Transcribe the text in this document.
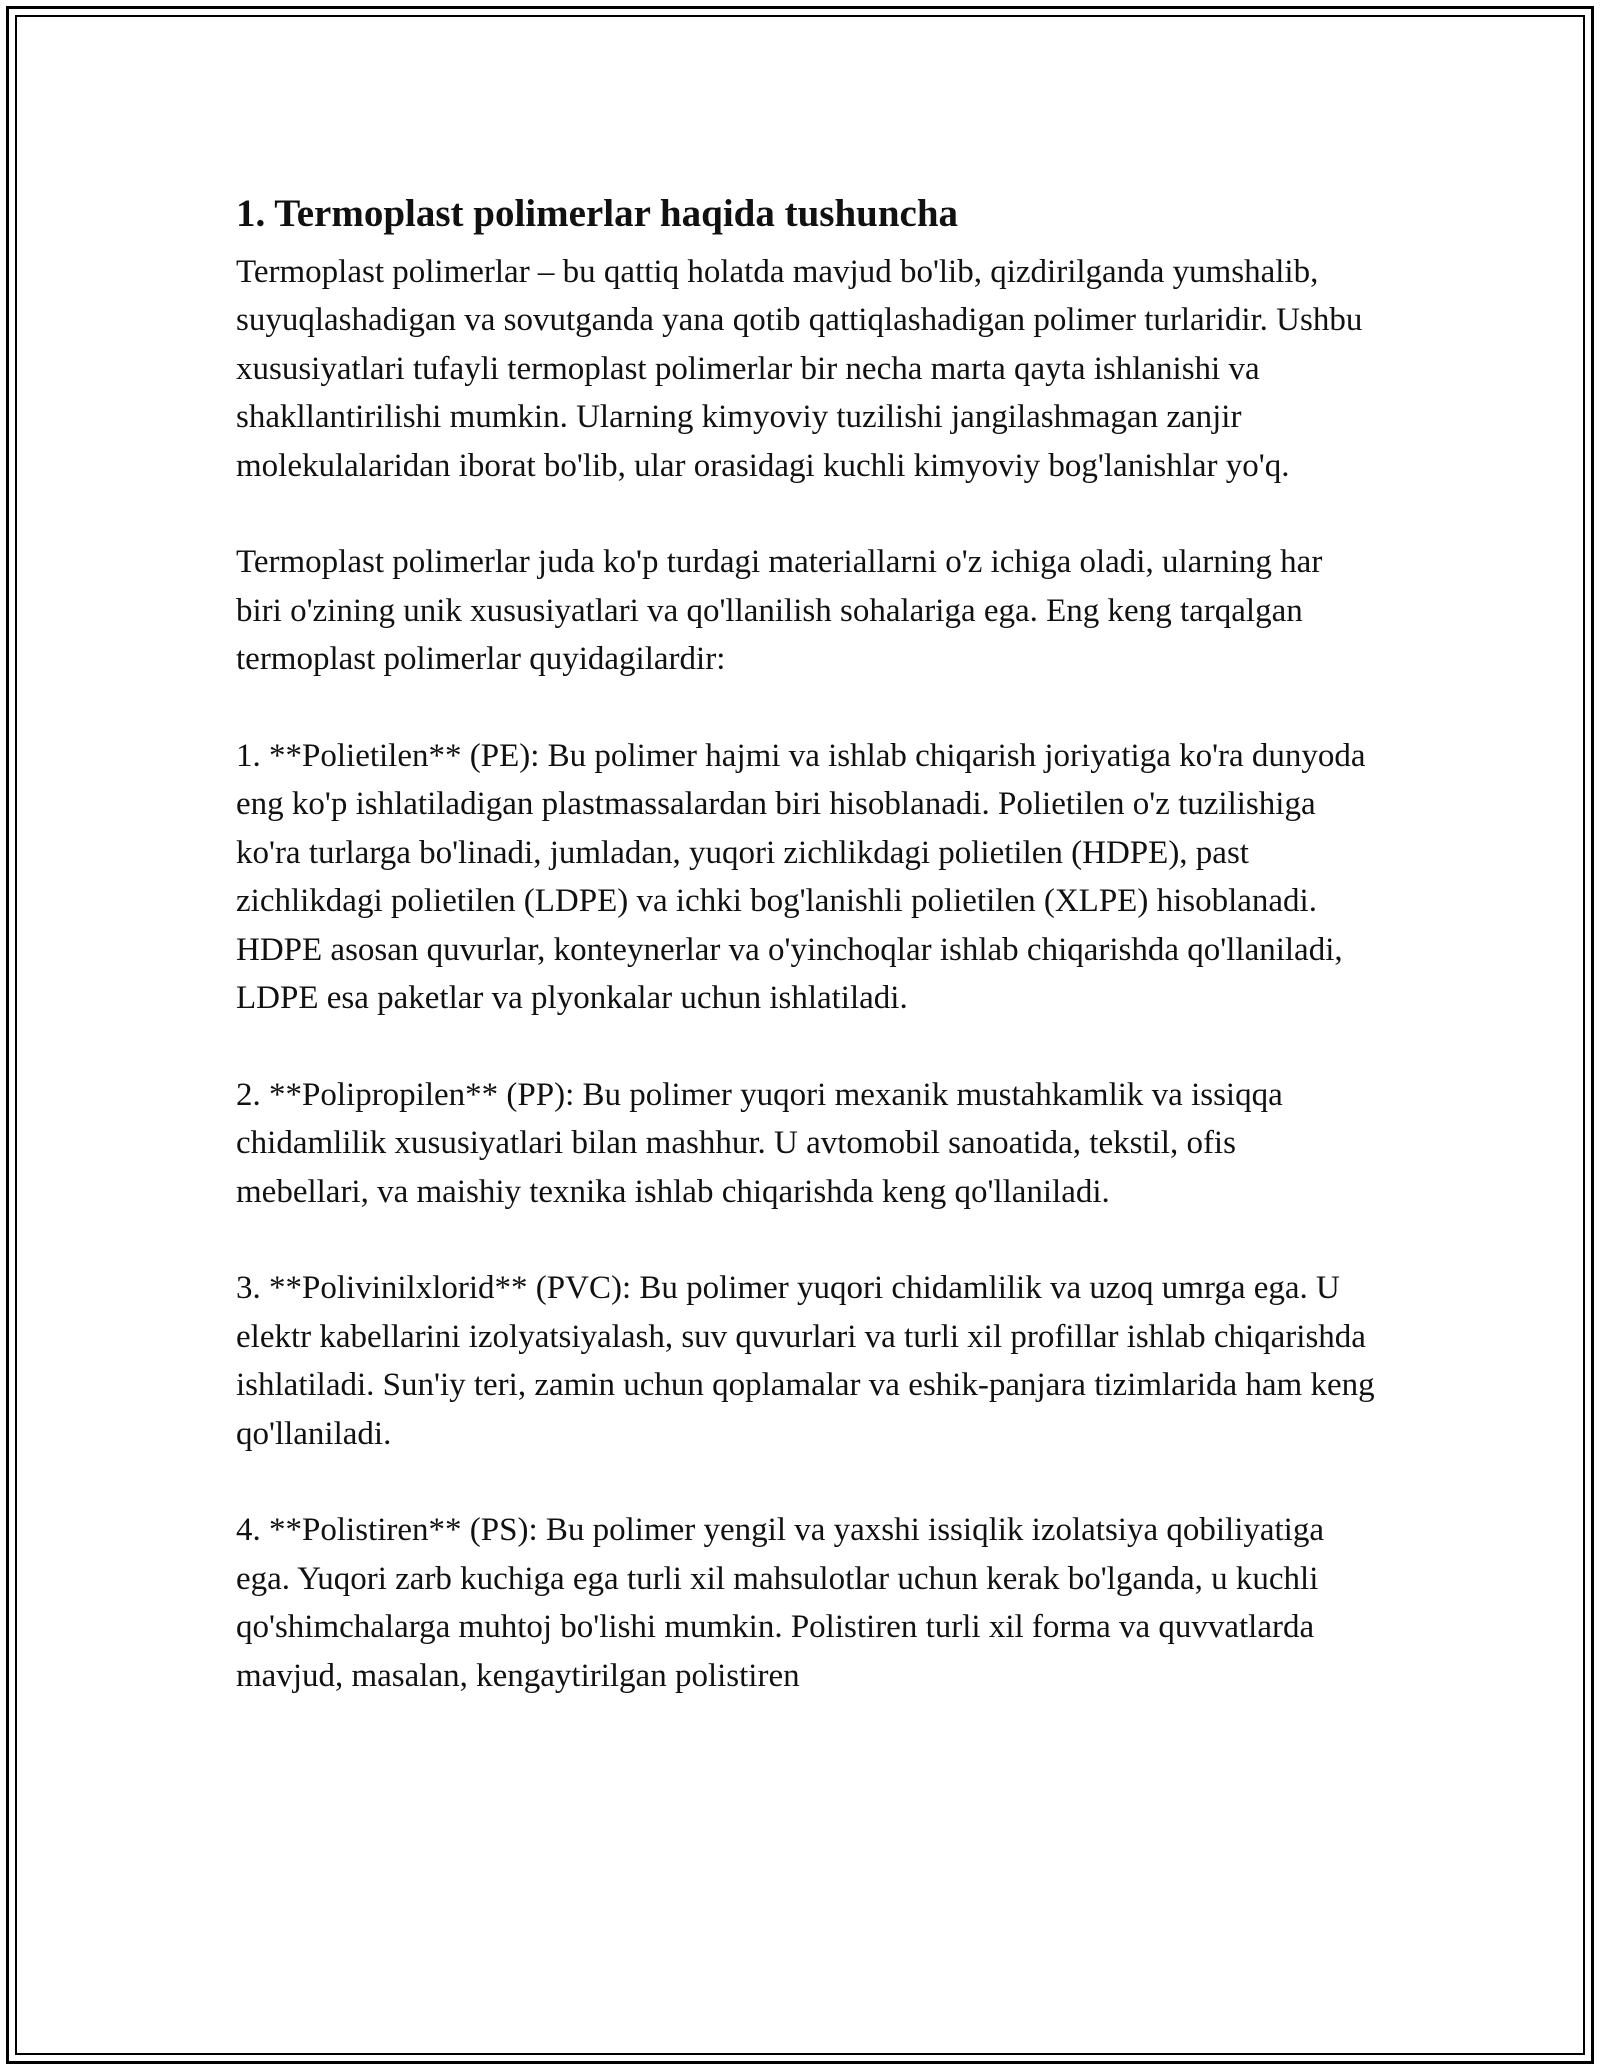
1. Termoplast polimerlar haqida tushuncha

Termoplast polimerlar – bu qattiq holatda mavjud bo'lib, qizdirilganda yumshalib, suyuqlashadigan va sovutganda yana qotib qattiqlashadigan polimer turlaridir. Ushbu xususiyatlari tufayli termoplast polimerlar bir necha marta qayta ishlanishi va shakllantirilishi mumkin. Ularning kimyoviy tuzilishi jangilashmagan zanjir molekulalaridan iborat bo'lib, ular orasidagi kuchli kimyoviy bog'lanishlar yo'q.

Termoplast polimerlar juda ko'p turdagi materiallarni o'z ichiga oladi, ularning har biri o'zining unik xususiyatlari va qo'llanilish sohalariga ega. Eng keng tarqalgan termoplast polimerlar quyidagilardir:

1. **Polietilen** (PE): Bu polimer hajmi va ishlab chiqarish joriyatiga ko'ra dunyoda eng ko'p ishlatiladigan plastmassalardan biri hisoblanadi. Polietilen o'z tuzilishiga ko'ra turlarga bo'linadi, jumladan, yuqori zichlikdagi polietilen (HDPE), past zichlikdagi polietilen (LDPE) va ichki bog'lanishli polietilen (XLPE) hisoblanadi. HDPE asosan quvurlar, konteynerlar va o'yinchoqlar ishlab chiqarishda qo'llaniladi, LDPE esa paketlar va plyonkalar uchun ishlatiladi.

2. **Polipropilen** (PP): Bu polimer yuqori mexanik mustahkamlik va issiqqa chidamlilik xususiyatlari bilan mashhur. U avtomobil sanoatida, tekstil, ofis mebellari, va maishiy texnika ishlab chiqarishda keng qo'llaniladi.

3. **Polivinilxlorid** (PVC): Bu polimer yuqori chidamlilik va uzoq umrga ega. U elektr kabellarini izolyatsiyalash, suv quvurlari va turli xil profillar ishlab chiqarishda ishlatiladi. Sun'iy teri, zamin uchun qoplamalar va eshik-panjara tizimlarida ham keng qo'llaniladi.

4. **Polistiren** (PS): Bu polimer yengil va yaxshi issiqlik izolatsiya qobiliyatiga ega. Yuqori zarb kuchiga ega turli xil mahsulotlar uchun kerak bo'lganda, u kuchli qo'shimchalarga muhtoj bo'lishi mumkin. Polistiren turli xil forma va quvvatlarda mavjud, masalan, kengaytirilgan polistiren
